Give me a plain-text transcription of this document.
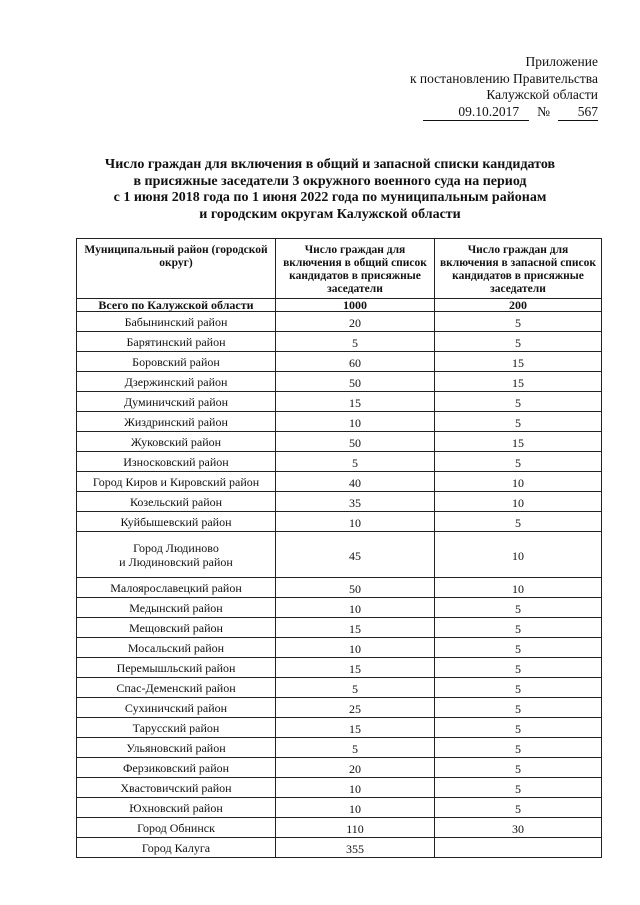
Приложение
к постановлению Правительства
Калужской области
09.10.2017 № 567
Число граждан для включения в общий и запасной списки кандидатов
в присяжные заседатели 3 окружного военного суда на период
с 1 июня 2018 года по 1 июня 2022 года по муниципальным районам
и городским округам Калужской области
Муниципальный район (городской округ)	Число граждан для включения в общий список кандидатов в присяжные заседатели	Число граждан для включения в запасной список кандидатов в присяжные заседатели
Всего по Калужской области	1000	200
Бабынинский район	20	5
Барятинский район	5	5
Боровский район	60	15
Дзержинский район	50	15
Думиничский район	15	5
Жиздринский район	10	5
Жуковский район	50	15
Износковский район	5	5
Город Киров и Кировский район	40	10
Козельский район	35	10
Куйбышевский район	10	5
Город Людиново
и Людиновский район	45	10
Малоярославецкий район	50	10
Медынский район	10	5
Мещовский район	15	5
Мосальский район	10	5
Перемышльский район	15	5
Спас-Деменский район	5	5
Сухиничский район	25	5
Тарусский район	15	5
Ульяновский район	5	5
Ферзиковский район	20	5
Хвастовичский район	10	5
Юхновский район	10	5
Город Обнинск	110	30
Город Калуга	355	
